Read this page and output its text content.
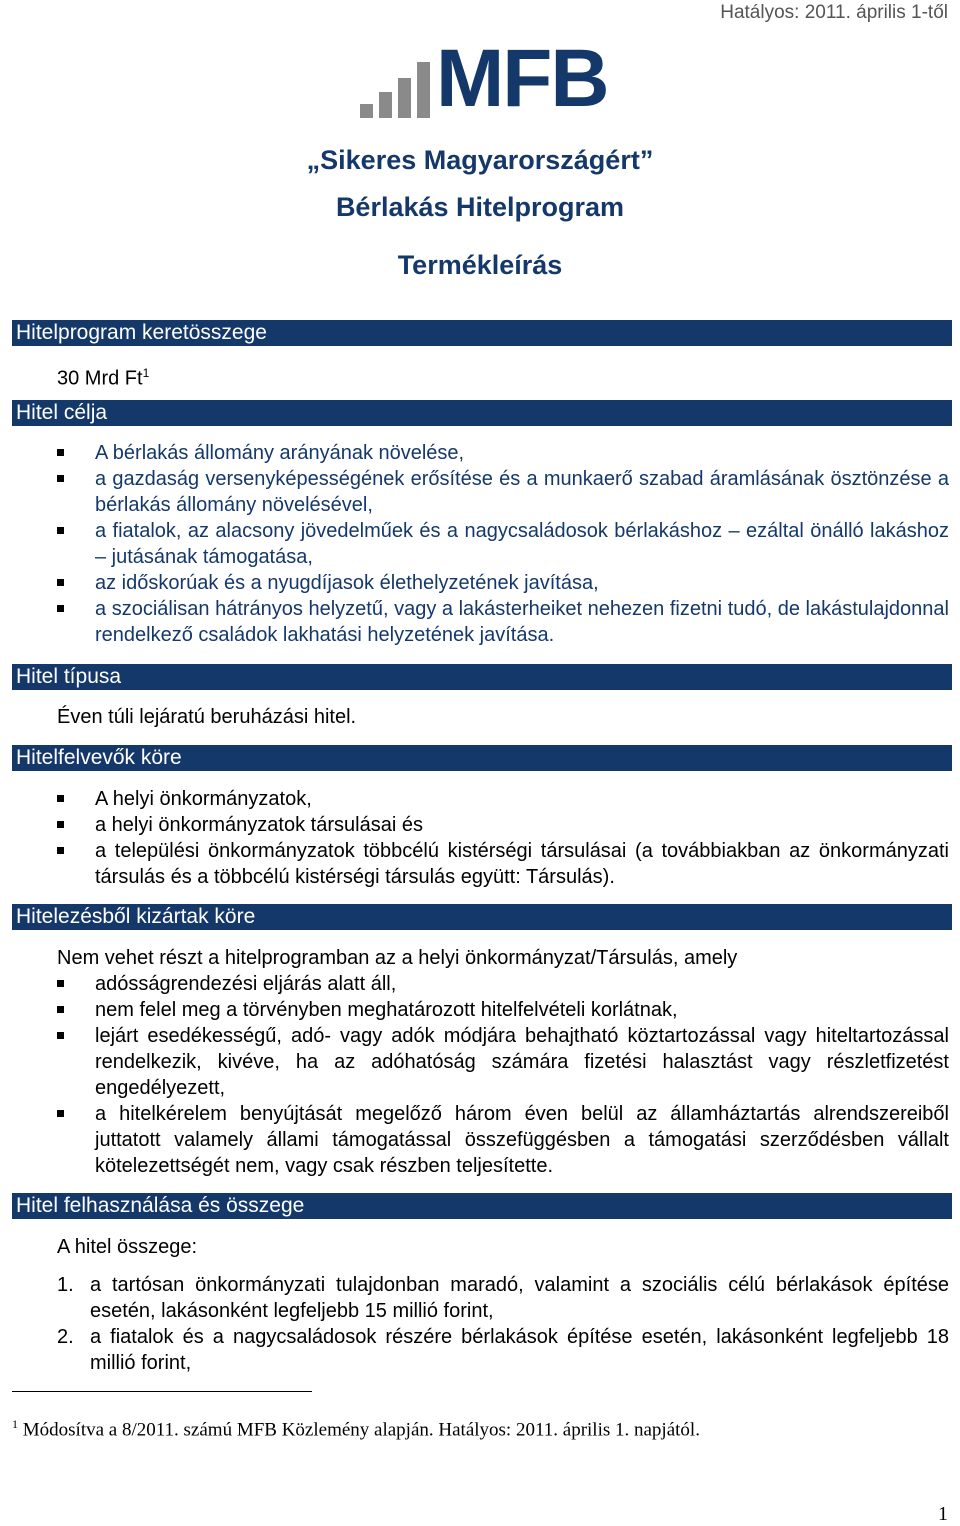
Hatályos: 2011. április 1-től
MFB
„Sikeres Magyarországért”
Bérlakás Hitelprogram
Termékleírás
Hitelprogram keretösszege
30 Mrd Ft$^1$
Hitel célja
A bérlakás állomány arányának növelése,
a gazdaság versenyképességének erősítése és a munkaerő szabad áramlásának ösztönzése a bérlakás állomány növelésével,
a fiatalok, az alacsony jövedelműek és a nagycsaládosok bérlakáshoz – ezáltal önálló lakáshoz – jutásának támogatása,
az időskorúak és a nyugdíjasok élethelyzetének javítása,
a szociálisan hátrányos helyzetű, vagy a lakásterheiket nehezen fizetni tudó, de lakástulajdonnal rendelkező családok lakhatási helyzetének javítása.
Hitel típusa
Éven túli lejáratú beruházási hitel.
Hitelfelvevők köre
A helyi önkormányzatok,
a helyi önkormányzatok társulásai és
a települési önkormányzatok többcélú kistérségi társulásai (a továbbiakban az önkormányzati társulás és a többcélú kistérségi társulás együtt: Társulás).
Hitelezésből kizártak köre
Nem vehet részt a hitelprogramban az a helyi önkormányzat/Társulás, amely
adósságrendezési eljárás alatt áll,
nem felel meg a törvényben meghatározott hitelfelvételi korlátnak,
lejárt esedékességű, adó- vagy adók módjára behajtható köztartozással vagy hiteltartozással rendelkezik, kivéve, ha az adóhatóság számára fizetési halasztást vagy részletfizetést engedélyezett,
a hitelkérelem benyújtását megelőző három éven belül az államháztartás alrendszereiből juttatott valamely állami támogatással összefüggésben a támogatási szerződésben vállalt kötelezettségét nem, vagy csak részben teljesítette.
Hitel felhasználása és összege
A hitel összege:
1. a tartósan önkormányzati tulajdonban maradó, valamint a szociális célú bérlakások építése esetén, lakásonként legfeljebb 15 millió forint,
2. a fiatalok és a nagycsaládosok részére bérlakások építése esetén, lakásonként legfeljebb 18 millió forint,
$^1$ Módosítva a 8/2011. számú MFB Közlemény alapján. Hatályos: 2011. április 1. napjától.
1
